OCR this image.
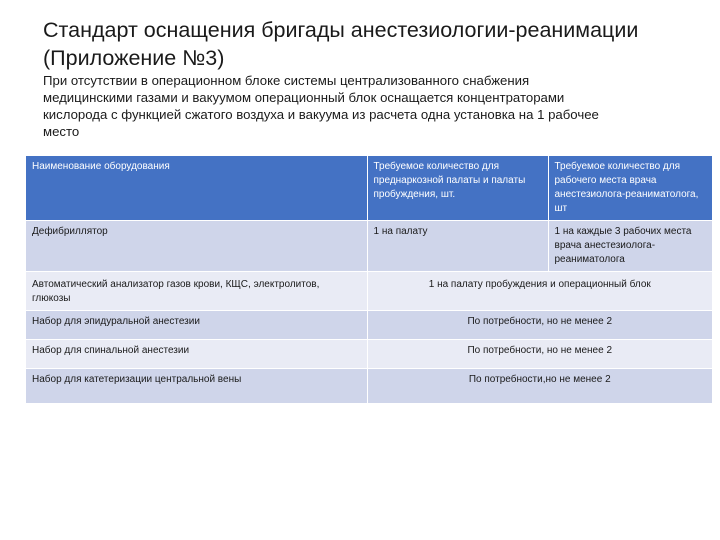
Стандарт оснащения бригады анестезиологии-реанимации
(Приложение №3)
При отсутствии в операционном блоке системы централизованного снабжения
медицинскими газами и вакуумом операционный блок оснащается концентраторами
кислорода с функцией сжатого воздуха и вакуума из расчета одна установка на 1 рабочее
место
Наименование оборудования	Требуемое количество для преднаркозной палаты и палаты пробуждения, шт.	Требуемое количество для рабочего места врача анестезиолога-реаниматолога, шт
Дефибриллятор	1 на палату	1 на каждые 3 рабочих места врача анестезиолога-реаниматолога
Автоматический анализатор газов крови, КЩС, электролитов, глюкозы	1 на палату пробуждения и операционный блок	
Набор для эпидуральной анестезии	По потребности, но не менее 2	
Набор для спинальной анестезии	По потребности, но не менее 2	
Набор для катетеризации центральной вены	По потребности,но не менее 2	
